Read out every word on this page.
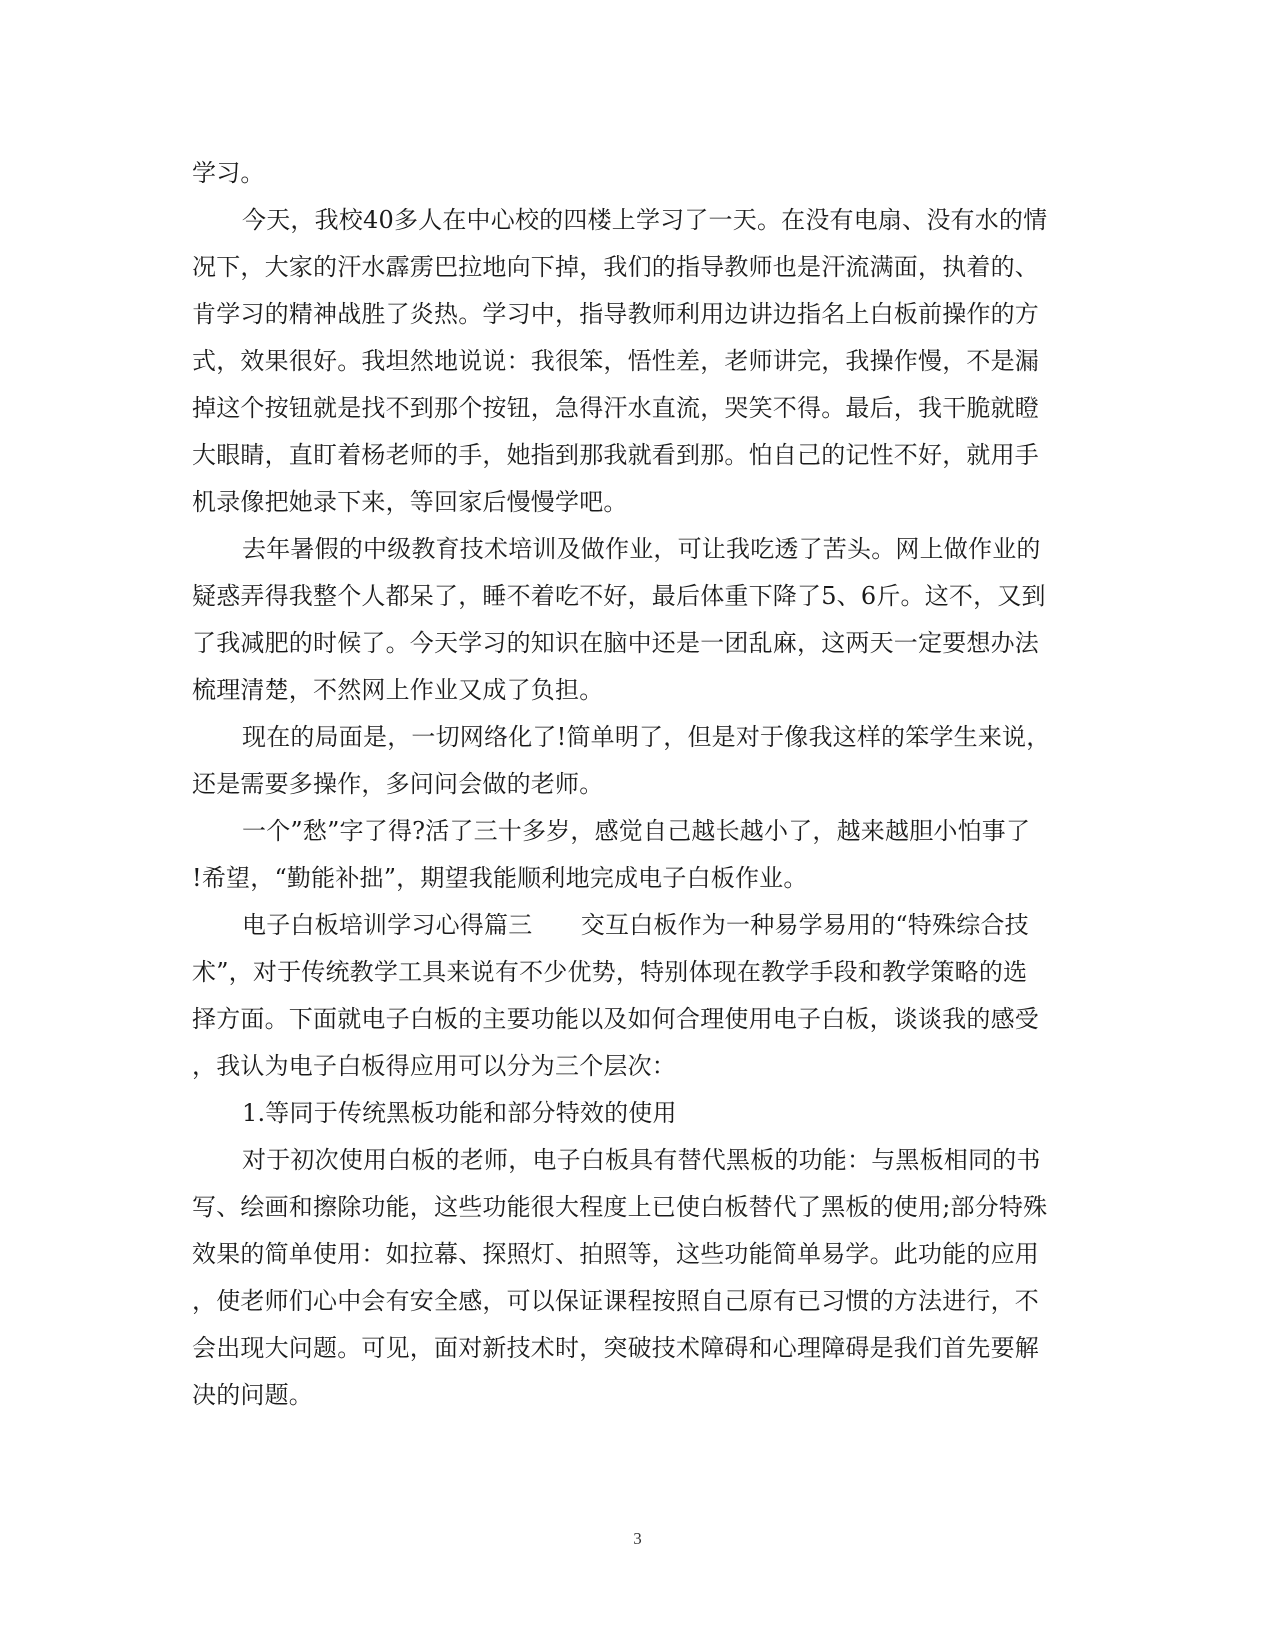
学习。
今天，我校40多人在中心校的四楼上学习了一天。在没有电扇、没有水的情
况下，大家的汗水霹雳巴拉地向下掉，我们的指导教师也是汗流满面，执着的、
肯学习的精神战胜了炎热。学习中，指导教师利用边讲边指名上白板前操作的方
式，效果很好。我坦然地说说：我很笨，悟性差，老师讲完，我操作慢，不是漏
掉这个按钮就是找不到那个按钮，急得汗水直流，哭笑不得。最后，我干脆就瞪
大眼睛，直盯着杨老师的手，她指到那我就看到那。怕自己的记性不好，就用手
机录像把她录下来，等回家后慢慢学吧。
去年暑假的中级教育技术培训及做作业，可让我吃透了苦头。网上做作业的
疑惑弄得我整个人都呆了，睡不着吃不好，最后体重下降了5、6斤。这不，又到
了我减肥的时候了。今天学习的知识在脑中还是一团乱麻，这两天一定要想办法
梳理清楚，不然网上作业又成了负担。
现在的局面是，一切网络化了!简单明了，但是对于像我这样的笨学生来说，
还是需要多操作，多问问会做的老师。
一个”愁”字了得?活了三十多岁，感觉自己越长越小了，越来越胆小怕事了
!希望，“勤能补拙”，期望我能顺利地完成电子白板作业。
电子白板培训学习心得篇三　　交互白板作为一种易学易用的“特殊综合技
术”，对于传统教学工具来说有不少优势，特别体现在教学手段和教学策略的选
择方面。下面就电子白板的主要功能以及如何合理使用电子白板，谈谈我的感受
，我认为电子白板得应用可以分为三个层次：
1.等同于传统黑板功能和部分特效的使用
对于初次使用白板的老师，电子白板具有替代黑板的功能：与黑板相同的书
写、绘画和擦除功能，这些功能很大程度上已使白板替代了黑板的使用;部分特殊
效果的简单使用：如拉幕、探照灯、拍照等，这些功能简单易学。此功能的应用
，使老师们心中会有安全感，可以保证课程按照自己原有已习惯的方法进行，不
会出现大问题。可见，面对新技术时，突破技术障碍和心理障碍是我们首先要解
决的问题。
3
